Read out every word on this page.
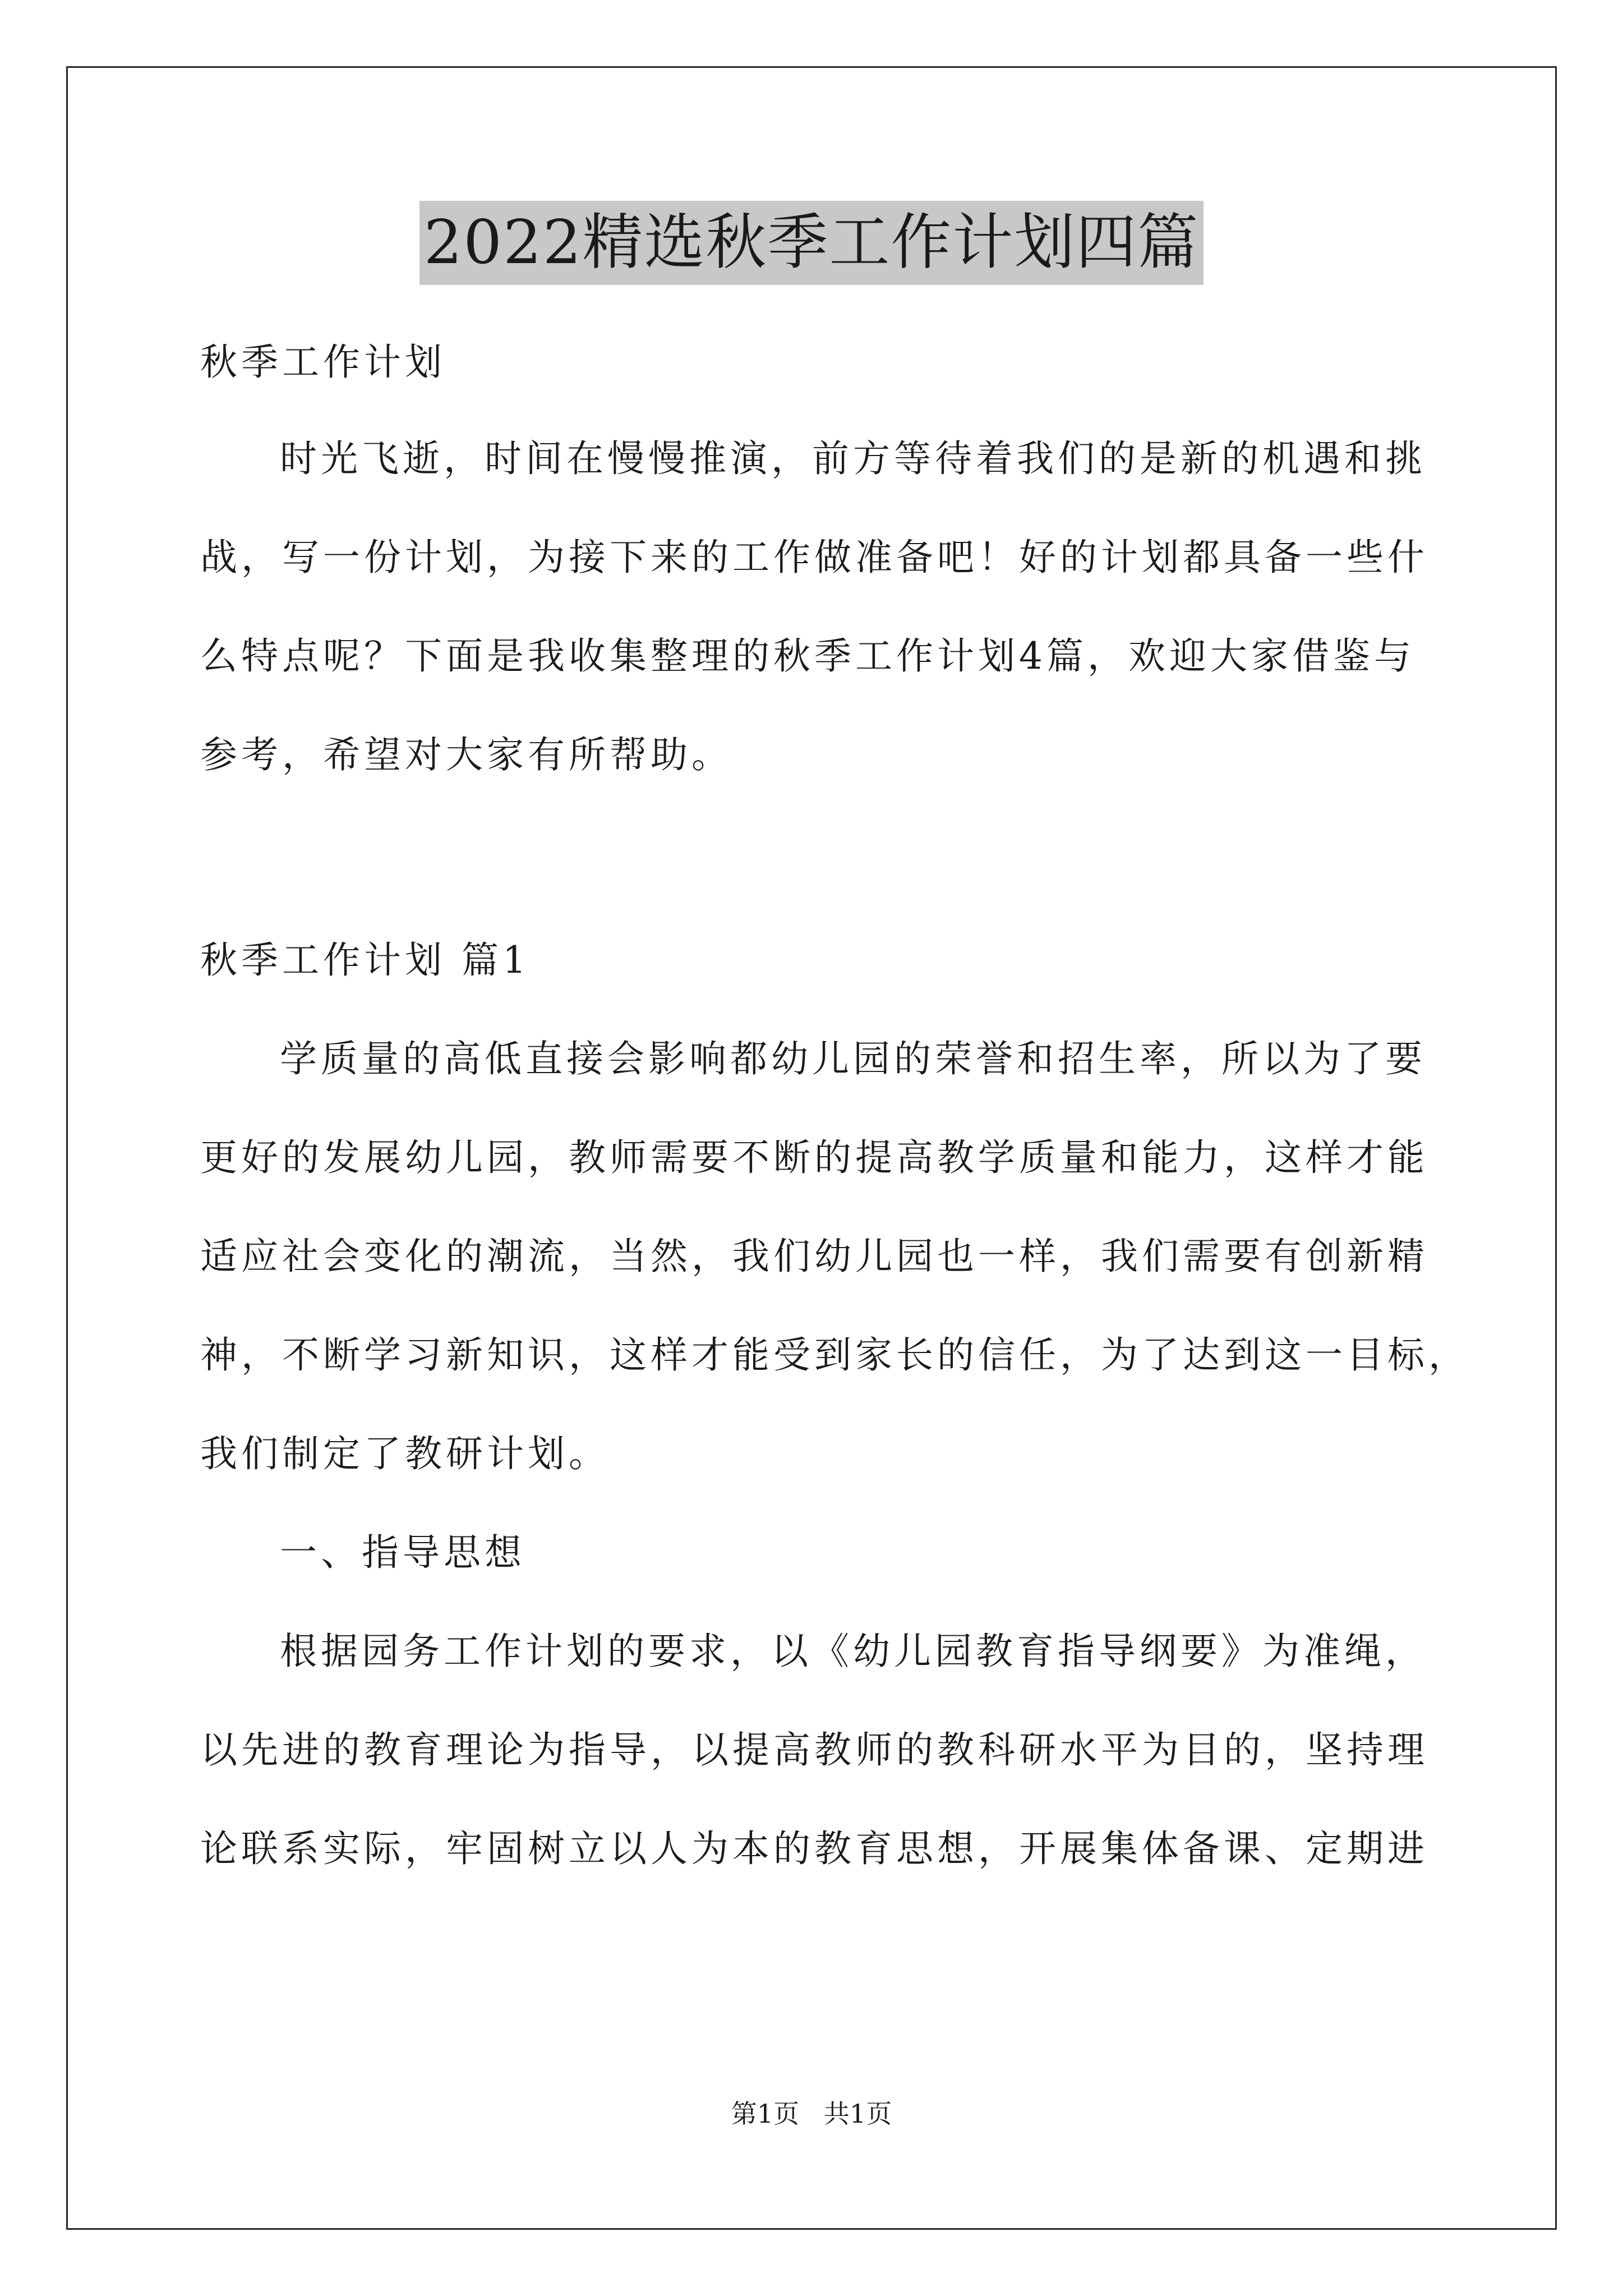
2022精选秋季工作计划四篇

秋季工作计划

时光飞逝，时间在慢慢推演，前方等待着我们的是新的机遇和挑

战，写一份计划，为接下来的工作做准备吧！好的计划都具备一些什

么特点呢？下面是我收集整理的秋季工作计划4篇，欢迎大家借鉴与

参考，希望对大家有所帮助。

秋季工作计划 篇1

学质量的高低直接会影响都幼儿园的荣誉和招生率，所以为了要

更好的发展幼儿园，教师需要不断的提高教学质量和能力，这样才能

适应社会变化的潮流，当然，我们幼儿园也一样，我们需要有创新精

神，不断学习新知识，这样才能受到家长的信任，为了达到这一目标，

我们制定了教研计划。

一、指导思想

根据园务工作计划的要求，以《幼儿园教育指导纲要》为准绳，

以先进的教育理论为指导，以提高教师的教科研水平为目的，坚持理

论联系实际，牢固树立以人为本的教育思想，开展集体备课、定期进

第1页   共1页
